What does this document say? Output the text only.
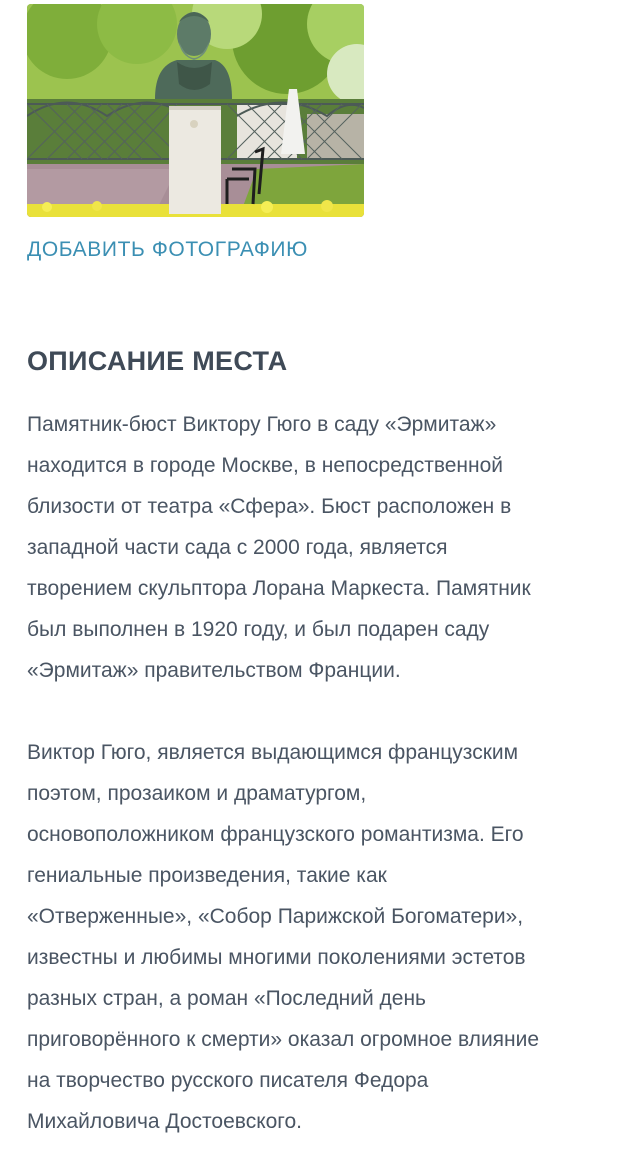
ДОБАВИТЬ ФОТОГРАФИЮ
ОПИСАНИЕ МЕСТА

Памятник-бюст Виктору Гюго в саду «Эрмитаж»
находится в городе Москве, в непосредственной
близости от театра «Сфера». Бюст расположен в
западной части сада с 2000 года, является
творением скульптора Лорана Маркеста. Памятник
был выполнен в 1920 году, и был подарен саду
«Эрмитаж» правительством Франции.

Виктор Гюго, является выдающимся французским
поэтом, прозаиком и драматургом,
основоположником французского романтизма. Его
гениальные произведения, такие как
«Отверженные», «Собор Парижской Богоматери»,
известны и любимы многими поколениями эстетов
разных стран, а роман «Последний день
приговорённого к смерти» оказал огромное влияние
на творчество русского писателя Федора
Михайловича Достоевского.
